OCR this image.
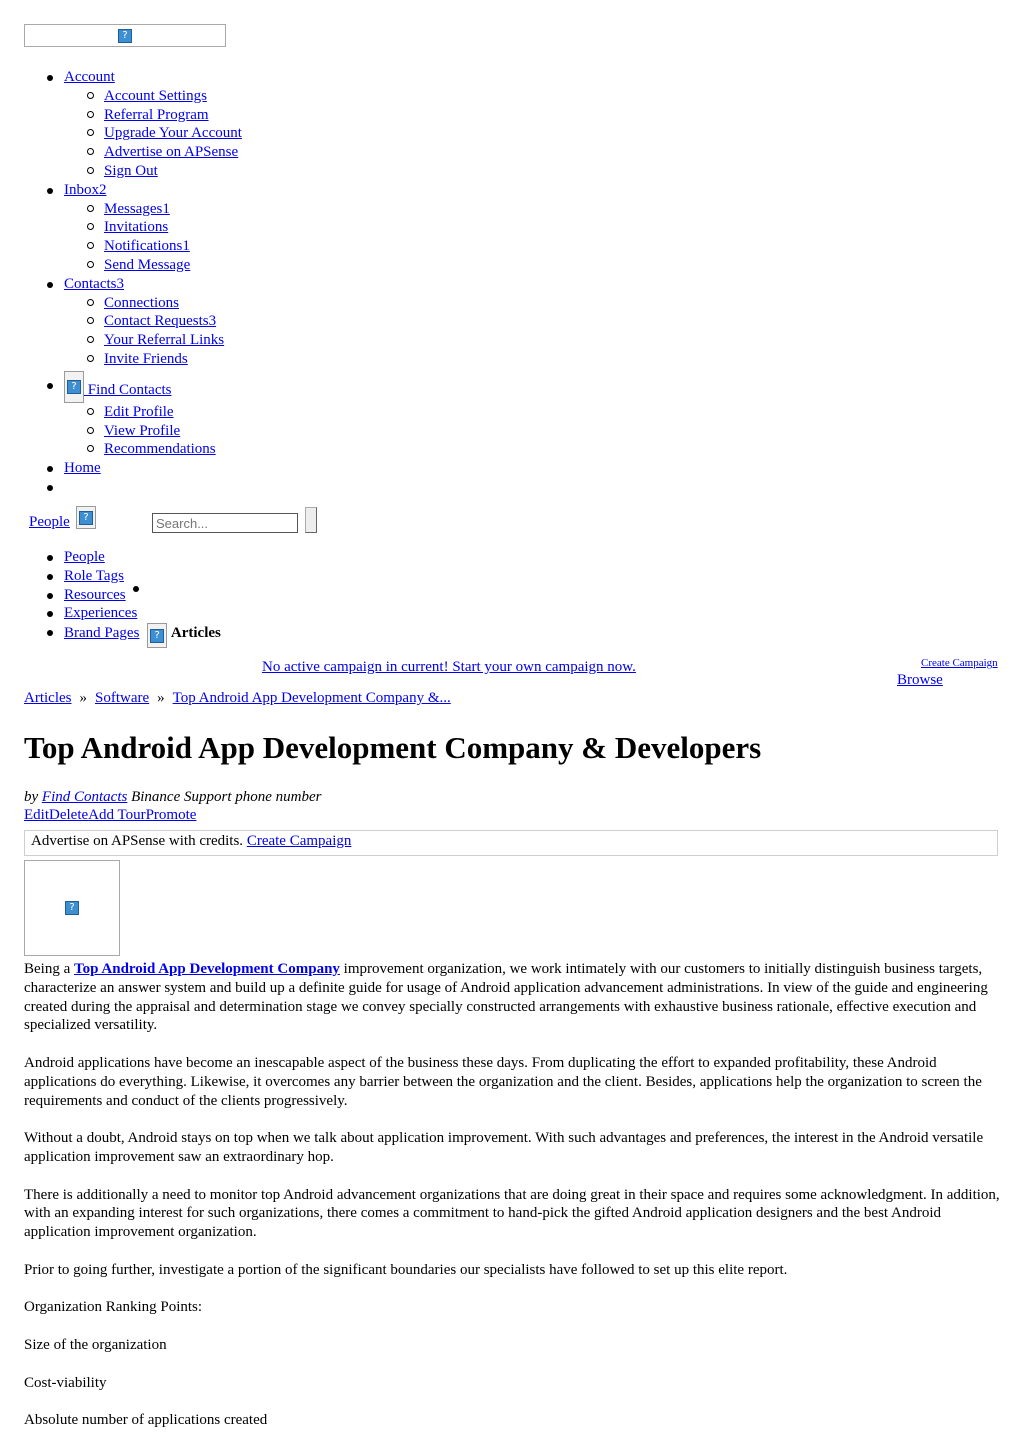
?
Account
Account Settings
Referral Program
Upgrade Your Account
Advertise on APSense
Sign Out
Inbox2
Messages1
Invitations
Notifications1
Send Message
Contacts3
Connections
Contact Requests3
Your Referral Links
Invite Friends
? Find Contacts
Edit Profile
View Profile
Recommendations
Home

People	?
Search...
People
Role Tags
Resources
Experiences
Brand Pages ? Articles
No active campaign in current! Start your own campaign now.	Create Campaign
Browse
Articles » Software » Top Android App Development Company &...
Top Android App Development Company & Developers
by Find Contacts Binance Support phone number
EditDeleteAdd TourPromote
Advertise on APSense with credits. Create Campaign
?

Being a Top Android App Development Company improvement organization, we work intimately with our customers to initially distinguish business targets, characterize an answer system and build up a definite guide for usage of Android application advancement administrations. In view of the guide and engineering created during the appraisal and determination stage we convey specially constructed arrangements with exhaustive business rationale, effective execution and specialized versatility.

Android applications have become an inescapable aspect of the business these days. From duplicating the effort to expanded profitability, these Android applications do everything. Likewise, it overcomes any barrier between the organization and the client. Besides, applications help the organization to screen the requirements and conduct of the clients progressively.

Without a doubt, Android stays on top when we talk about application improvement. With such advantages and preferences, the interest in the Android versatile application improvement saw an extraordinary hop.

There is additionally a need to monitor top Android advancement organizations that are doing great in their space and requires some acknowledgment. In addition, with an expanding interest for such organizations, there comes a commitment to hand-pick the gifted Android application designers and the best Android application improvement organization.

Prior to going further, investigate a portion of the significant boundaries our specialists have followed to set up this elite report.

Organization Ranking Points:

Size of the organization

Cost-viability

Absolute number of applications created
